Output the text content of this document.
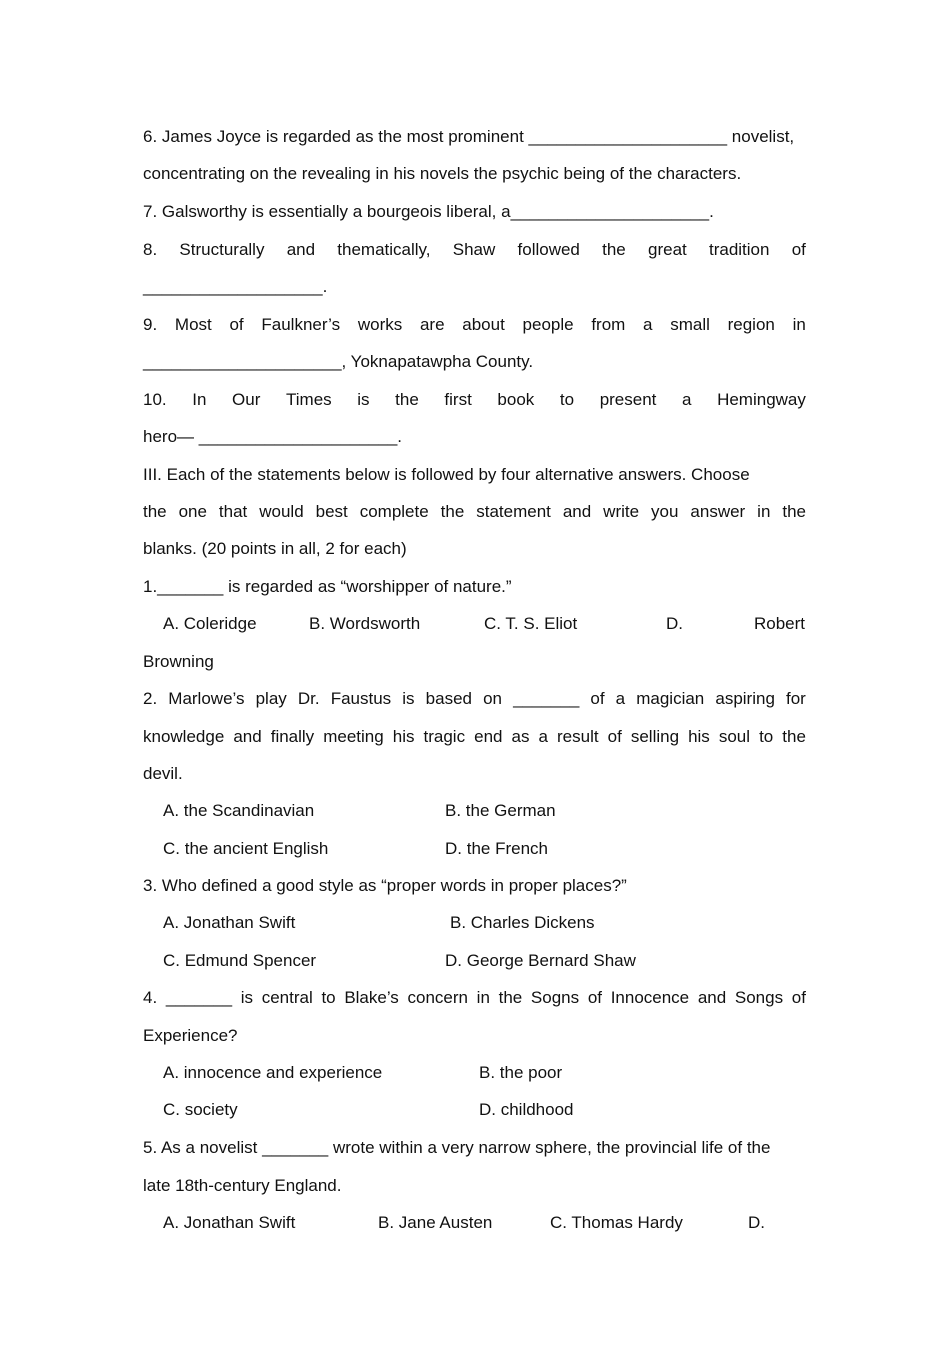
6. James Joyce is regarded as the most prominent _____________________ novelist,
concentrating on the revealing in his novels the psychic being of the characters.
7. Galsworthy is essentially a bourgeois liberal, a_____________________.
8. Structurally and thematically, Shaw followed the great tradition of
___________________.
9. Most of Faulkner’s works are about people from a small region in
_____________________, Yoknapatawpha County.
10. In Our Times is the first book to present a Hemingway
hero— _____________________.
III. Each of the statements below is followed by four alternative answers. Choose
the one that would best complete the statement and write you answer in the
blanks. (20 points in all, 2 for each)
1._______ is regarded as “worshipper of nature.”
A. Coleridge	B. Wordsworth	C. T. S. Eliot	D.	Robert
Browning
2. Marlowe’s play Dr. Faustus is based on _______ of a magician aspiring for
knowledge and finally meeting his tragic end as a result of selling his soul to the
devil.
A. the Scandinavian	B. the German
C. the ancient English	D. the French
3. Who defined a good style as “proper words in proper places?”
A. Jonathan Swift	B. Charles Dickens
C. Edmund Spencer	D. George Bernard Shaw
4. _______ is central to Blake’s concern in the Sogns of Innocence and Songs of
Experience?
A. innocence and experience	B. the poor
C. society	D. childhood
5. As a novelist _______ wrote within a very narrow sphere, the provincial life of the
late 18th-century England.
A. Jonathan Swift	B. Jane Austen	C. Thomas Hardy	D.
